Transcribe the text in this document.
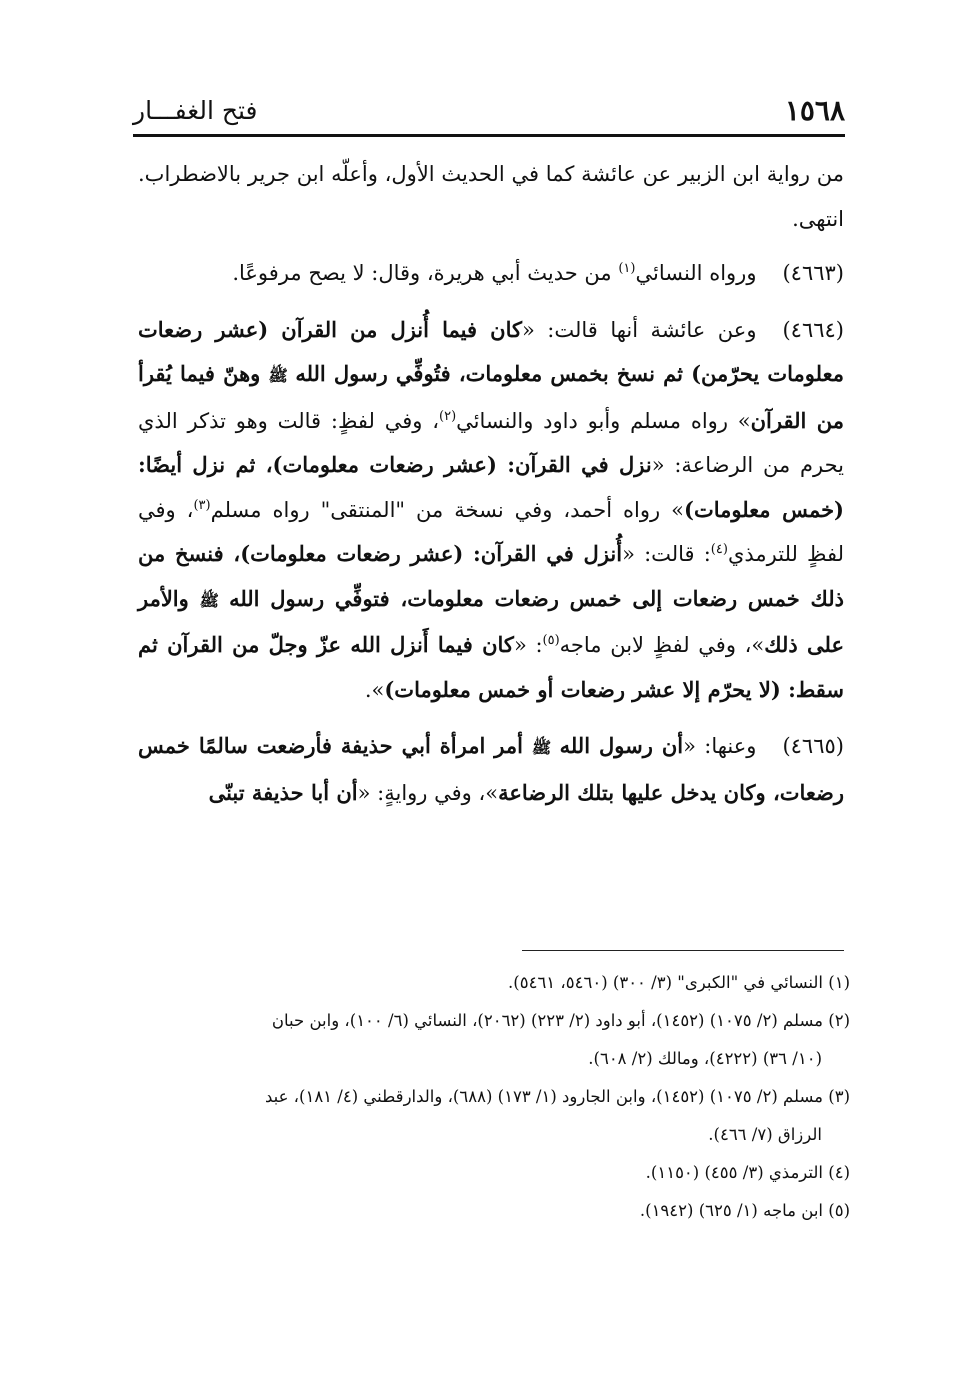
١٥٦٨
فتح الغفـــار

من رواية ابن الزبير عن عائشة كما في الحديث الأول، وأعلّه ابن جرير بالاضطراب. انتهى.

(٤٦٦٣)ورواه النسائي$^{(١)}$ من حديث أبي هريرة، وقال: لا يصح مرفوعًا.

(٤٦٦٤)وعن عائشة أنها قالت: «كان فيما أُنزل من القرآن (عشر رضعات معلومات يحرّمن) ثم نسخ بخمس معلومات، فتُوفِّي رسول الله ﷺ وهنّ فيما يُقرأ من القرآن» رواه مسلم وأبو داود والنسائي$^{(٢)}$، وفي لفظٍ: قالت وهو تذكر الذي يحرم من الرضاعة: «نزل في القرآن: (عشر رضعات معلومات)، ثم نزل أيضًا: (خمس معلومات)» رواه أحمد، وفي نسخة من "المنتقى" رواه مسلم$^{(٣)}$، وفي لفظٍ للترمذي$^{(٤)}$: قالت: «أُنزل في القرآن: (عشر رضعات معلومات)، فنسخ من ذلك خمس رضعات إلى خمس رضعات معلومات، فتوفِّي رسول الله ﷺ والأمر على ذلك»، وفي لفظٍ لابن ماجه$^{(٥)}$: «كان فيما أَنزل الله عزّ وجلّ من القرآن ثم سقط: (لا يحرّم إلا عشر رضعات أو خمس معلومات)».

(٤٦٦٥)وعنها: «أن رسول الله ﷺ أمر امرأة أبي حذيفة فأرضعت سالمًا خمس رضعات، وكان يدخل عليها بتلك الرضاعة»، وفي روايةٍ: «أن أبا حذيفة تبنّى

(١) النسائي في "الكبرى" (٣/ ٣٠٠) (٥٤٦٠، ٥٤٦١).

(٢) مسلم (٢/ ١٠٧٥) (١٤٥٢)، أبو داود (٢/ ٢٢٣) (٢٠٦٢)، النسائي (٦/ ١٠٠)، وابن حبان

(١٠/ ٣٦) (٤٢٢٢)، ومالك (٢/ ٦٠٨).

(٣) مسلم (٢/ ١٠٧٥) (١٤٥٢)، وابن الجارود (١/ ١٧٣) (٦٨٨)، والدارقطني (٤/ ١٨١)، عبد

الرزاق (٧/ ٤٦٦).

(٤) الترمذي (٣/ ٤٥٥) (١١٥٠).

(٥) ابن ماجه (١/ ٦٢٥) (١٩٤٢).
